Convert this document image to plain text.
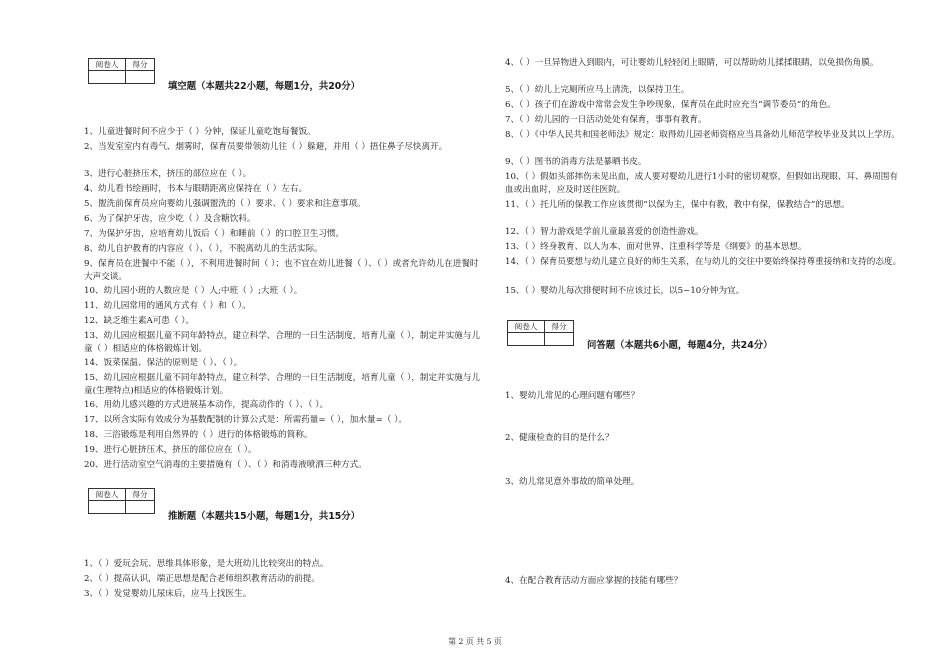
阅卷人	得分

填空题（本题共22小题，每题1分，共20分）
1、儿童进餐时间不应少于（ ）分钟，保证儿童吃饱每餐饭。
2、当发室室内有毒气、烟雾时，保育员要带领幼儿往（ ）躲避，并用（ ）捂住鼻子尽快离开。
3、进行心脏挤压术，挤压的部位应在（ ）。
4、幼儿看书绘画时，书本与眼睛距离应保持在（ ）左右。
5、盥洗前保育员应向婴幼儿强调盥洗的（ ）要求、（ ）要求和注意事项。
6、为了保护牙齿，应少吃（ ）及含糖饮料。
7、为保护牙齿，应培育幼儿饭后（ ）和睡前（ ）的口腔卫生习惯。
8、幼儿自护教育的内容应（ ）、（ ），不脱离幼儿的生活实际。
9、保育员在进餐中不能（ ），不利用进餐时间（ ）；也不宜在幼儿进餐（ ）、（ ）或者允许幼儿在进餐时大声交谈。
10、幼儿园小班的人数应是（ ）人;中班（ ）;大班（ ）。
11、幼儿园常用的通风方式有（ ）和（ ）。
12、缺乏维生素A可患（ ）。
13、幼儿园应根据儿童不同年龄特点，建立科学、合理的一日生活制度，培育儿童（ ），制定并实施与儿童（ ）相适应的体格锻炼计划。
14、饭菜保温、保洁的原则是（ ）、（ ）。
15、幼儿园应根据儿童不同年龄特点，建立科学、合理的一日生活制度，培育儿童（ ），制定并实施与儿童(生理特点)相适应的体格锻炼计划。
16、用幼儿感兴趣的方式进展基本动作，提高动作的（ ）、（ ）。
17、以所含实际有效成分为基数配制的计算公式是：所需药量=（ ），加水量=（ ）。
18、三浴锻炼是利用自然界的（ ）进行的体格锻炼的简称。
19、进行心脏挤压术，挤压的部位应在（ ）。
20、进行活动室空气消毒的主要措施有（ ）、（ ）和消毒液喷洒三种方式。
阅卷人	得分

推断题（本题共15小题，每题1分，共15分）
1、（ ）爱玩会玩、思维具体形象，是大班幼儿比较突出的特点。
2、（ ）提高认识，端正思想是配合老师组织教育活动的前提。
3、（ ）发觉婴幼儿尿床后，应马上找医生。
4、（ ）一旦异物进入到眼内，可让婴幼儿轻轻闭上眼睛，可以帮助幼儿揉揉眼睛，以免损伤角膜。
5、（ ）幼儿上完厕所应马上清洗，以保持卫生。
6、（ ）孩子们在游戏中常常会发生争吵现象，保育员在此时应充当“调节委员”的角色。
7、（ ）幼儿园的一日活动处处有保育，事事有教育。
8、（ ）《中华人民共和国老师法》规定：取得幼儿园老师资格应当具备幼儿师范学校毕业及其以上学历。
9、（ ）图书的消毒方法是暴晒书皮。
10、（ ）假如头部摔伤未见出血，成人要对婴幼儿进行1小时的密切观察，但假如出现眼、耳、鼻周围有血或出血时，应及时送往医院。
11、（ ）托儿所的保教工作应该贯彻“以保为主，保中有教，教中有保，保教结合”的思想。
12、（ ）智力游戏是学前儿童最喜爱的创造性游戏。
13、（ ）终身教育、以人为本、面对世界、注重科学等是《纲要》的基本思想。
14、（ ）保育员要想与幼儿建立良好的师生关系，在与幼儿的交往中要始终保持尊重接纳和支持的态度。
15、（ ）婴幼儿每次排便时间不应该过长，以5~10分钟为宜。
阅卷人	得分

问答题（本题共6小题，每题4分，共24分）
1、婴幼儿常见的心理问题有哪些？
2、健康检查的目的是什么？
3、幼儿常见意外事故的简单处理。
4、在配合教育活动方面应掌握的技能有哪些？
第 2 页 共 5 页
